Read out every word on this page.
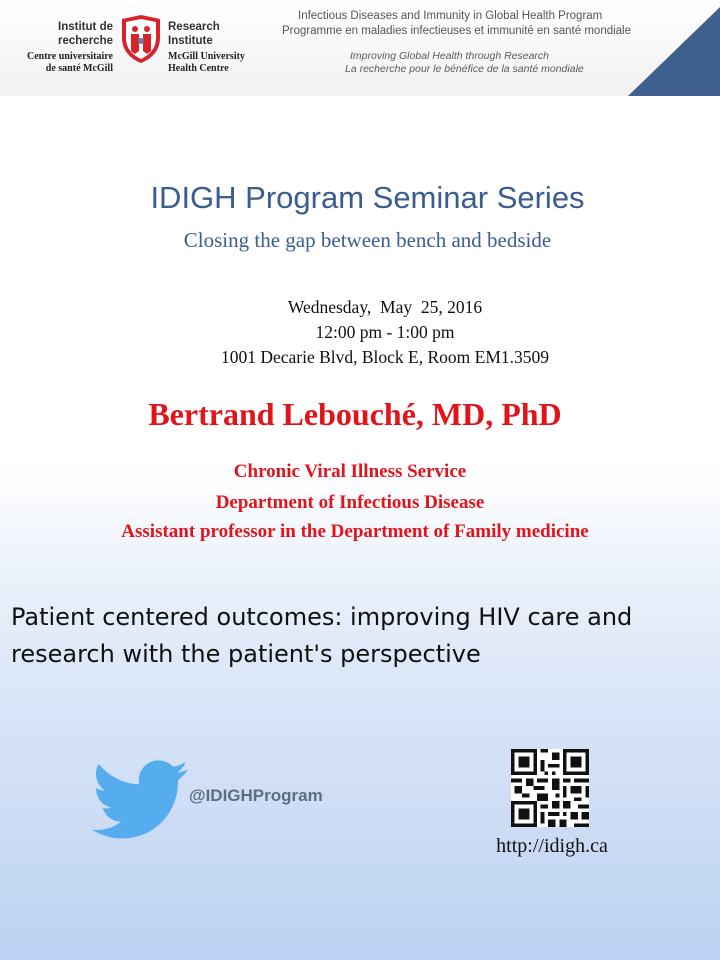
Institut de
recherche
Centre universitaire
de santé McGill
Research
Institute
McGill University
Health Centre
Infectious Diseases and Immunity in Global Health Program
Programme en maladies infectieuses et immunité en santé mondiale
Improving Global Health through Research
La recherche pour le bénéfice de la santé mondiale
IDIGH Program Seminar Series
Closing the gap between bench and bedside
Wednesday,  May  25, 2016
12:00 pm - 1:00 pm
1001 Decarie Blvd, Block E, Room EM1.3509
Bertrand Lebouché, MD, PhD
Chronic Viral Illness Service
Department of Infectious Disease
Assistant professor in the Department of Family medicine
Patient centered outcomes: improving HIV care and
research with the patient's perspective
@IDIGHProgram
http://idigh.ca
